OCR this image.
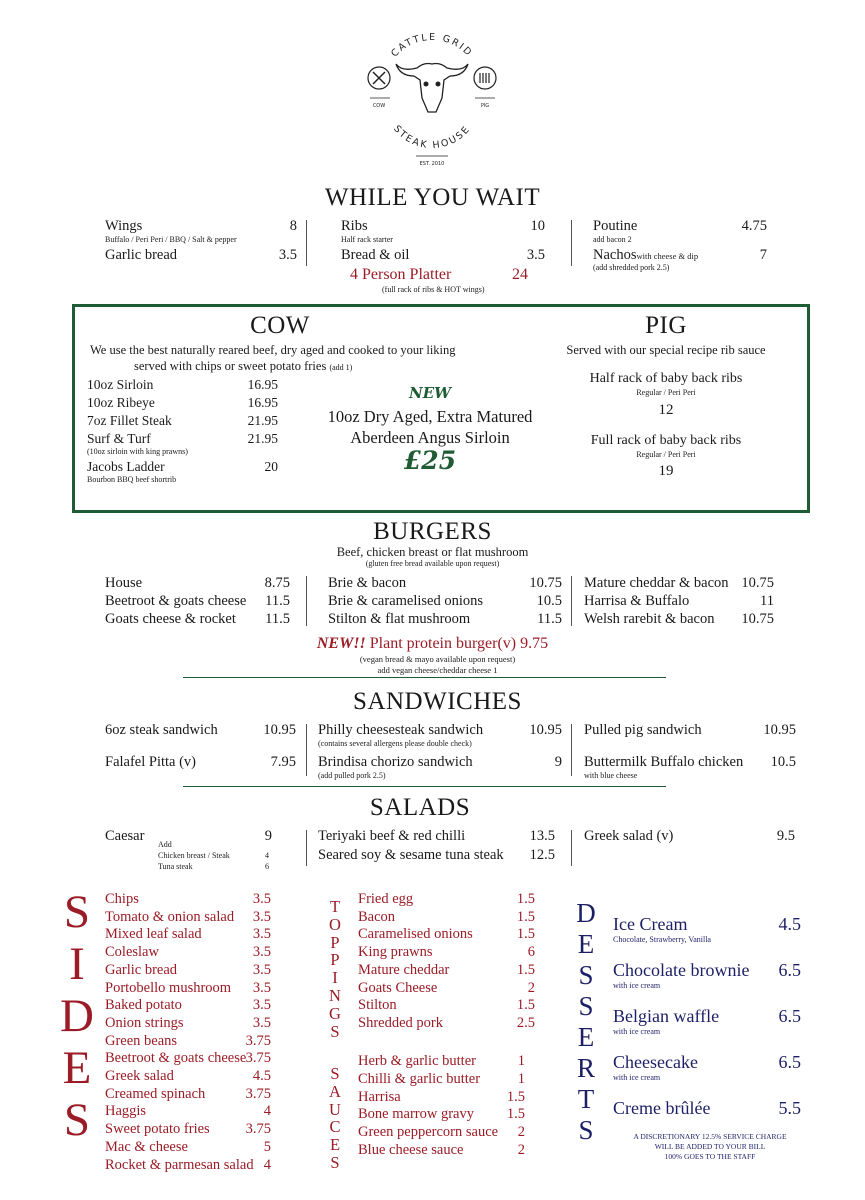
CATTLE GRID
STEAK HOUSE
COW	PIG
EST. 2010
WHILE YOU WAIT
Wings	8
Buffalo / Peri Peri / BBQ / Salt & pepper
Garlic bread	3.5
Ribs	10
Half rack starter
Bread & oil	3.5
Poutine	4.75
add bacon 2
Nachoswith cheese & dip	7
(add shredded pork 2.5)
4 Person Platter	24
(full rack of ribs & HOT wings)
COW
We use the best naturally reared beef, dry aged and cooked to your liking
served with chips or sweet potato fries (add 1)
10oz Sirloin	16.95
10oz Ribeye	16.95
7oz Fillet Steak	21.95
Surf & Turf	21.95
(10oz sirloin with king prawns)
Jacobs Ladder	20
Bourbon BBQ beef shortrib
NEW
10oz Dry Aged, Extra Matured
Aberdeen Angus Sirloin
£25
PIG
Served with our special recipe rib sauce
Half rack of baby back ribs
Regular / Peri Peri
12
Full rack of baby back ribs
Regular / Peri Peri
19
BURGERS
Beef, chicken breast or flat mushroom
(gluten free bread available upon request)
House	8.75
Beetroot & goats cheese 11.5
Goats cheese & rocket 11.5
Brie & bacon	10.75
Brie & caramelised onions	10.5
Stilton & flat mushroom	11.5
Mature cheddar & bacon 10.75
Harrisa & Buffalo	11
Welsh rarebit & bacon 10.75
NEW!! Plant protein burger(v) 9.75
(vegan bread & mayo available upon request)
add vegan cheese/cheddar cheese 1
SANDWICHES
6oz steak sandwich	10.95
Falafel Pitta (v)	7.95
Philly cheesesteak sandwich	10.95
(contains several allergens please double check)
Brindisa chorizo sandwich	9
(add pulled pork 2.5)
Pulled pig sandwich	10.95
Buttermilk Buffalo chicken 10.5
with blue cheese
SALADS
Caesar	9
Add
Chicken breast / Steak	4
Tuna steak	6
Teriyaki beef & red chilli	13.5
Seared soy & sesame tuna steak 12.5
Greek salad (v)	9.5
S
I
D
E
S
Chips	3.5
Tomato & onion salad 3.5
Mixed leaf salad	3.5
Coleslaw	3.5
Garlic bread	3.5
Portobello mushroom 3.5
Baked potato	3.5
Onion strings	3.5
Green beans	3.75
Beetroot & goats cheese 3.75
Greek salad	4.5
Creamed spinach	3.75
Haggis	4
Sweet potato fries 3.75
Mac & cheese	5
Rocket & parmesan salad 4
T
O
P
P
I
N
G
S
Fried egg	1.5
Bacon	1.5
Caramelised onions	1.5
King prawns	6
Mature cheddar	1.5
Goats Cheese	2
Stilton	1.5
Shredded pork	2.5
S
A
U
C
E
S
Herb & garlic butter	1
Chilli & garlic butter	1
Harrisa	1.5
Bone marrow gravy 1.5
Green peppercorn sauce 2
Blue cheese sauce	2
D
E
S
S
E
R
T
S
Ice Cream	4.5
Chocolate, Strawberry, Vanilla
Chocolate brownie 6.5
with ice cream
Belgian waffle	6.5
with ice cream
Cheesecake	6.5
with ice cream
Creme brûlée	5.5
A DISCRETIONARY 12.5% SERVICE CHARGE
WILL BE ADDED TO YOUR BILL
100% GOES TO THE STAFF
